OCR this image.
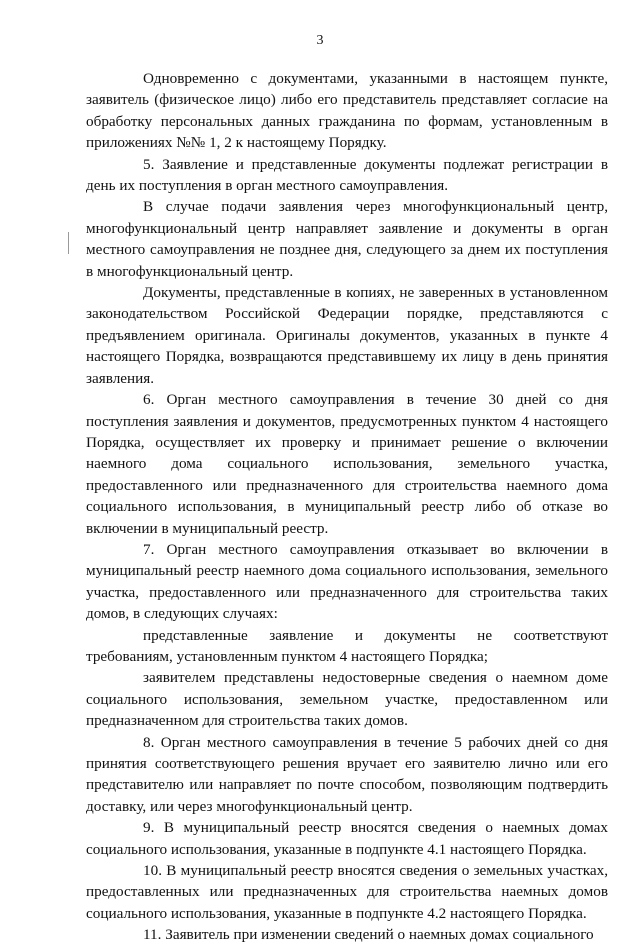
3

Одновременно с документами, указанными в настоящем пункте, заявитель (физическое лицо) либо его представитель представляет согласие на обработку персональных данных гражданина по формам, установленным в приложениях №№ 1, 2 к настоящему Порядку.

5. Заявление и представленные документы подлежат регистрации в день их поступления в орган местного самоуправления.

В случае подачи заявления через многофункциональный центр, многофункциональный центр направляет заявление и документы в орган местного самоуправления не позднее дня, следующего за днем их поступления в многофункциональный центр.

Документы, представленные в копиях, не заверенных в установленном законодательством Российской Федерации порядке, представляются с предъявлением оригинала. Оригиналы документов, указанных в пункте 4 настоящего Порядка, возвращаются представившему их лицу в день принятия заявления.

6. Орган местного самоуправления в течение 30 дней со дня поступления заявления и документов, предусмотренных пунктом 4 настоящего Порядка, осуществляет их проверку и принимает решение о включении наемного дома социального использования, земельного участка, предоставленного или предназначенного для строительства наемного дома социального использования, в муниципальный реестр либо об отказе во включении в муниципальный реестр.

7. Орган местного самоуправления отказывает во включении в муниципальный реестр наемного дома социального использования, земельного участка, предоставленного или предназначенного для строительства таких домов, в следующих случаях:

представленные заявление и документы не соответствуют требованиям, установленным пунктом 4 настоящего Порядка;

заявителем представлены недостоверные сведения о наемном доме социального использования, земельном участке, предоставленном или предназначенном для строительства таких домов.

8. Орган местного самоуправления в течение 5 рабочих дней со дня принятия соответствующего решения вручает его заявителю лично или его представителю или направляет по почте способом, позволяющим подтвердить доставку, или через многофункциональный центр.

9. В муниципальный реестр вносятся сведения о наемных домах социального использования, указанные в подпункте 4.1 настоящего Порядка.

10. В муниципальный реестр вносятся сведения о земельных участках, предоставленных или предназначенных для строительства наемных домов социального использования, указанные в подпункте 4.2 настоящего Порядка.

11. Заявитель при изменении сведений о наемных домах социального
